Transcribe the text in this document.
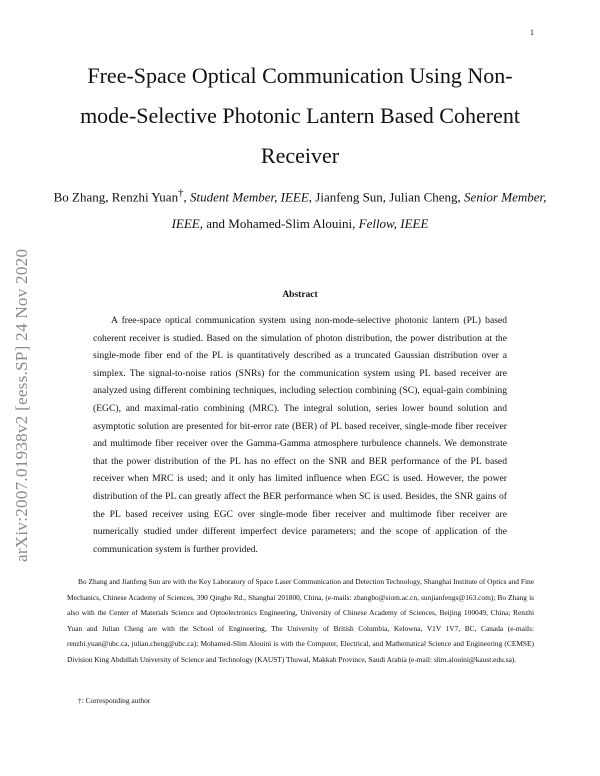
1
arXiv:2007.01938v2 [eess.SP] 24 Nov 2020
Free-Space Optical Communication Using Non-mode-Selective Photonic Lantern Based Coherent Receiver
Bo Zhang, Renzhi Yuan†, Student Member, IEEE, Jianfeng Sun, Julian Cheng, Senior Member, IEEE, and Mohamed-Slim Alouini, Fellow, IEEE
Abstract

A free-space optical communication system using non-mode-selective photonic lantern (PL) based coherent receiver is studied. Based on the simulation of photon distribution, the power distribution at the single-mode fiber end of the PL is quantitatively described as a truncated Gaussian distribution over a simplex. The signal-to-noise ratios (SNRs) for the communication system using PL based receiver are analyzed using different combining techniques, including selection combining (SC), equal-gain combining (EGC), and maximal-ratio combining (MRC). The integral solution, series lower bound solution and asymptotic solution are presented for bit-error rate (BER) of PL based receiver, single-mode fiber receiver and multimode fiber receiver over the Gamma-Gamma atmosphere turbulence channels. We demonstrate that the power distribution of the PL has no effect on the SNR and BER performance of the PL based receiver when MRC is used; and it only has limited influence when EGC is used. However, the power distribution of the PL can greatly affect the BER performance when SC is used. Besides, the SNR gains of the PL based receiver using EGC over single-mode fiber receiver and multimode fiber receiver are numerically studied under different imperfect device parameters; and the scope of application of the communication system is further provided.

Bo Zhang and Jianfeng Sun are with the Key Laboratory of Space Laser Communication and Detection Technology, Shanghai Institute of Optics and Fine Mechanics, Chinese Academy of Sciences, 390 Qinghe Rd., Shanghai 201800, China, (e-mails: zhangbo@siom.ac.cn, sunjianfengs@163.com); Bo Zhang is also with the Center of Materials Science and Optoelectronics Engineering, University of Chinese Academy of Sciences, Beijing 100049, China; Renzhi Yuan and Julian Cheng are with the School of Engineering, The University of British Columbia, Kelowna, V1V 1V7, BC, Canada (e-mails: renzhi.yuan@ubc.ca, julian.cheng@ubc.ca); Mohamed-Slim Alouini is with the Computer, Electrical, and Mathematical Science and Engineering (CEMSE) Division King Abdullah University of Science and Technology (KAUST) Thuwal, Makkah Province, Saudi Arabia (e-mail: slim.alouini@kaust.edu.sa).

†: Corresponding author
